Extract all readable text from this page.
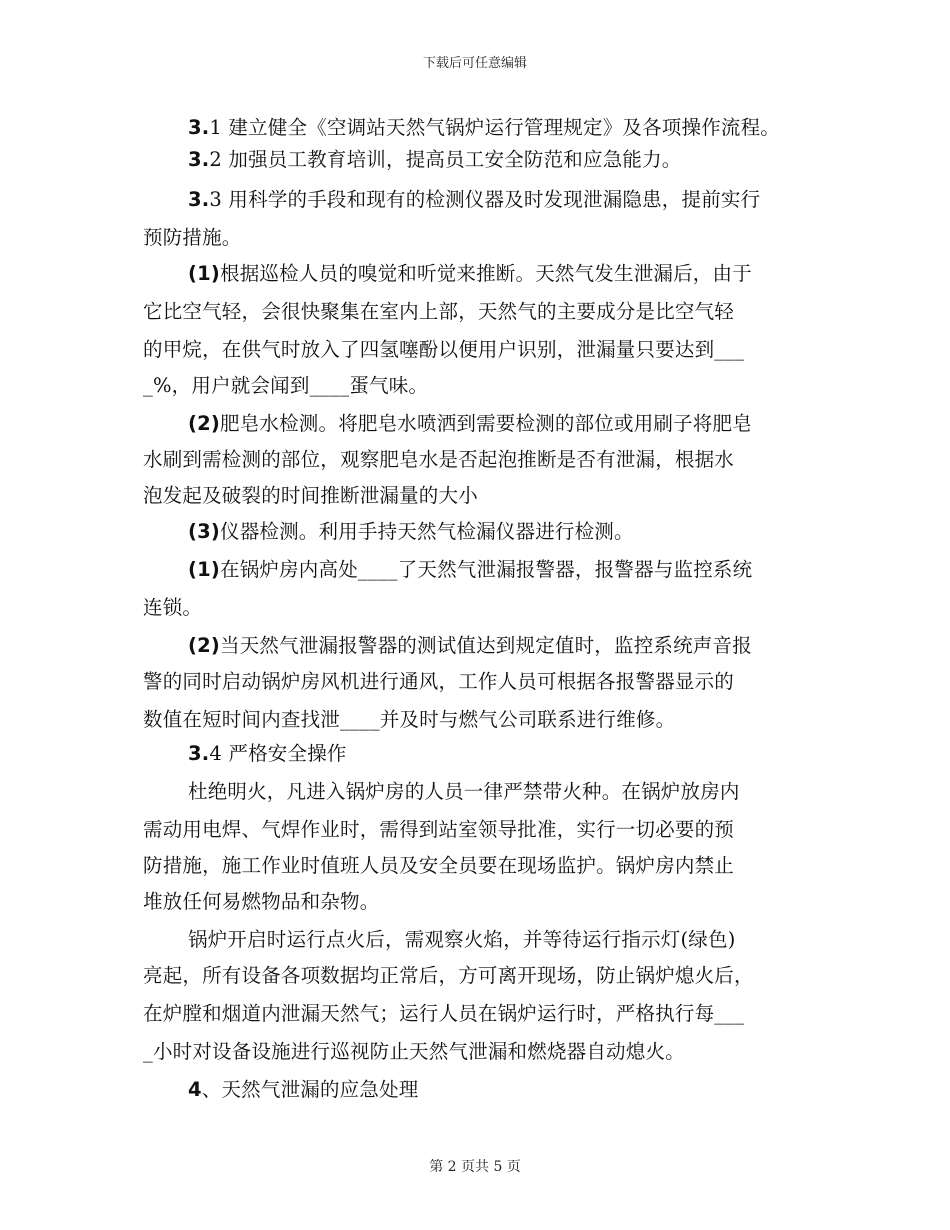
下载后可任意编辑
3.1 建立健全《空调站天然气锅炉运行管理规定》及各项操作流程。
3.2 加强员工教育培训，提高员工安全防范和应急能力。
3.3 用科学的手段和现有的检测仪器及时发现泄漏隐患，提前实行
预防措施。
(1)根据巡检人员的嗅觉和听觉来推断。天然气发生泄漏后，由于
它比空气轻，会很快聚集在室内上部，天然气的主要成分是比空气轻
的甲烷，在供气时放入了四氢噻酚以便用户识别，泄漏量只要达到___
_%，用户就会闻到____蛋气味。
(2)肥皂水检测。将肥皂水喷洒到需要检测的部位或用刷子将肥皂
水刷到需检测的部位，观察肥皂水是否起泡推断是否有泄漏，根据水
泡发起及破裂的时间推断泄漏量的大小
(3)仪器检测。利用手持天然气检漏仪器进行检测。
(1)在锅炉房内高处____了天然气泄漏报警器，报警器与监控系统
连锁。
(2)当天然气泄漏报警器的测试值达到规定值时，监控系统声音报
警的同时启动锅炉房风机进行通风，工作人员可根据各报警器显示的
数值在短时间内查找泄____并及时与燃气公司联系进行维修。
3.4 严格安全操作
杜绝明火，凡进入锅炉房的人员一律严禁带火种。在锅炉放房内
需动用电焊、气焊作业时，需得到站室领导批准，实行一切必要的预
防措施，施工作业时值班人员及安全员要在现场监护。锅炉房内禁止
堆放任何易燃物品和杂物。
锅炉开启时运行点火后，需观察火焰，并等待运行指示灯(绿色)
亮起，所有设备各项数据均正常后，方可离开现场，防止锅炉熄火后，
在炉膛和烟道内泄漏天然气；运行人员在锅炉运行时，严格执行每___
_小时对设备设施进行巡视防止天然气泄漏和燃烧器自动熄火。
4、天然气泄漏的应急处理
第 2 页共 5 页
